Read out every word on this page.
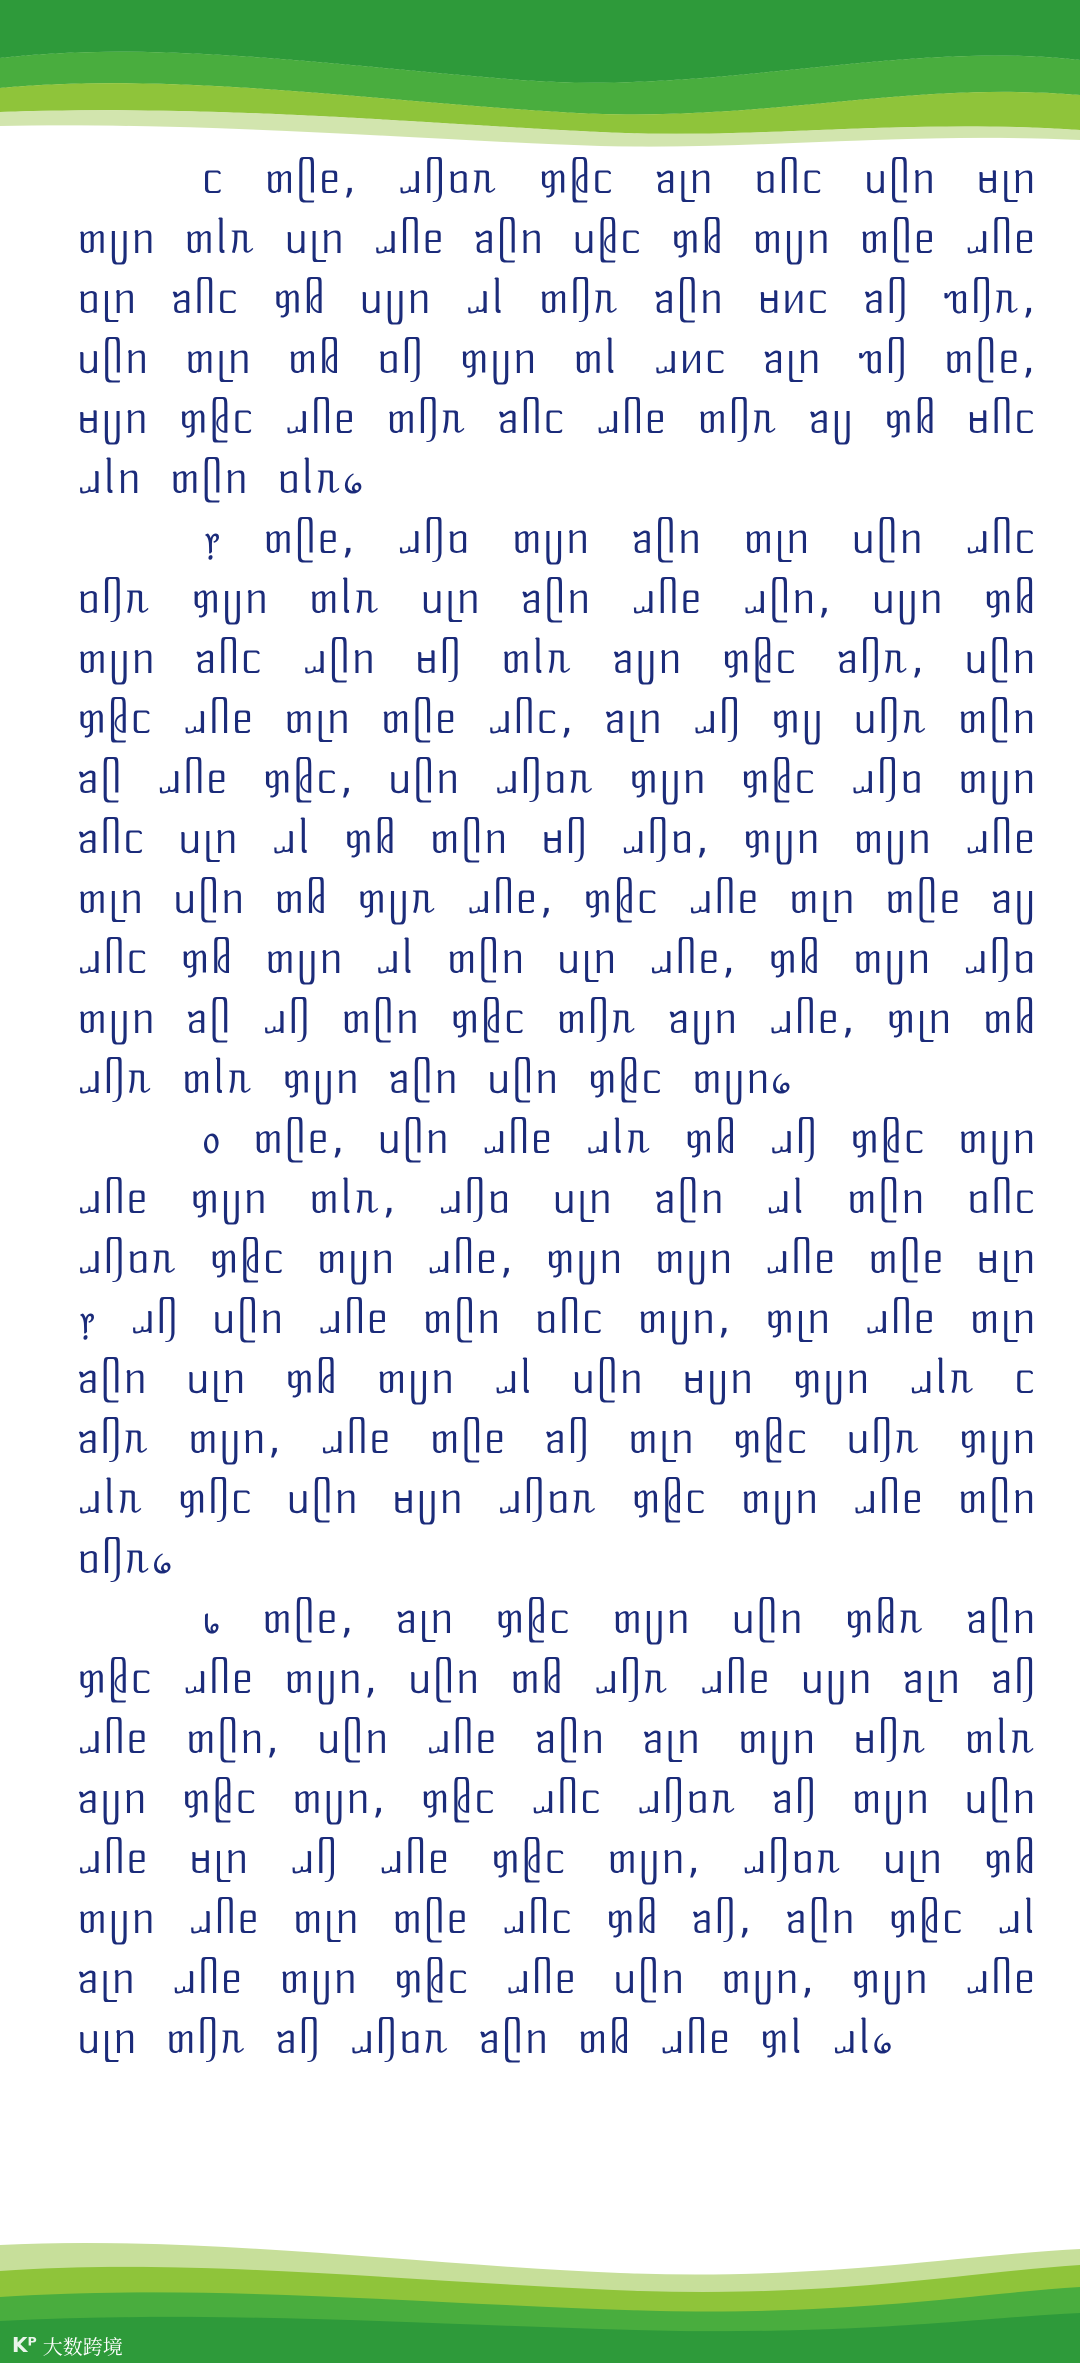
ᥴ ᥖᥫᥱ, ᥘᥦᥝᥰ ᥞᥪᥴ ᥑᥨᥒ ᥝᥥᥴ ᥙᥫᥒ ᥛᥨᥒ ᥖᥩᥒ ᥖᥣᥰ ᥙᥨᥒ ᥘᥥᥱ ᥑᥫᥒ ᥙᥪᥴ ᥞᥤ ᥖᥩᥒ ᥖᥫᥱ ᥘᥥᥱ ᥝᥨᥒ ᥑᥥᥴ ᥞᥤ ᥙᥩᥒ ᥘᥣ ᥖᥦᥰ ᥑᥫᥒ ᥛᥢᥴ ᥑᥦ ᥓᥦᥰ, ᥙᥫᥒ ᥖᥨᥒ ᥖᥤ ᥝᥦ ᥞᥩᥒ ᥖᥣ ᥘᥢᥴ ᥑᥨᥒ ᥓᥦ ᥖᥫᥱ, ᥛᥩᥒ ᥞᥪᥴ ᥘᥥᥱ ᥖᥦᥰ ᥑᥥᥴ ᥘᥥᥱ ᥖᥦᥰ ᥑᥩ ᥞᥤ ᥛᥥᥴ ᥘᥣᥒ ᥖᥫᥒ ᥝᥣᥰ᥀

᥅ ᥖᥫᥱ, ᥘᥦᥝ ᥖᥩᥒ ᥑᥫᥒ ᥖᥨᥒ ᥙᥫᥒ ᥘᥥᥴ ᥝᥦᥰ ᥞᥩᥒ ᥖᥣᥰ ᥙᥨᥒ ᥑᥫᥒ ᥘᥥᥱ ᥘᥫᥒ, ᥙᥩᥒ ᥞᥤ ᥖᥩᥒ ᥑᥥᥴ ᥘᥫᥒ ᥛᥦ ᥖᥣᥰ ᥑᥩᥒ ᥞᥪᥴ ᥑᥦᥰ, ᥙᥫᥒ ᥞᥪᥴ ᥘᥥᥱ ᥖᥨᥒ ᥖᥫᥱ ᥘᥥᥴ, ᥑᥨᥒ ᥘᥦ ᥞᥩ ᥙᥦᥰ ᥖᥫᥒ ᥑᥫ ᥘᥥᥱ ᥞᥪᥴ, ᥙᥫᥒ ᥘᥦᥝᥰ ᥞᥩᥒ ᥞᥪᥴ ᥘᥦᥝ ᥖᥩᥒ ᥑᥥᥴ ᥙᥨᥒ ᥘᥣ ᥞᥤ ᥖᥫᥒ ᥛᥦ ᥘᥦᥝ, ᥞᥩᥒ ᥖᥩᥒ ᥘᥥᥱ ᥖᥨᥒ ᥙᥫᥒ ᥖᥤ ᥞᥩᥰ ᥘᥥᥱ, ᥞᥪᥴ ᥘᥥᥱ ᥖᥨᥒ ᥖᥫᥱ ᥑᥩ ᥘᥥᥴ ᥞᥤ ᥖᥩᥒ ᥘᥣ ᥖᥫᥒ ᥙᥨᥒ ᥘᥥᥱ, ᥞᥤ ᥖᥩᥒ ᥘᥦᥝ ᥖᥩᥒ ᥑᥫ ᥘᥦ ᥖᥫᥒ ᥞᥪᥴ ᥖᥦᥰ ᥑᥩᥒ ᥘᥥᥱ, ᥞᥨᥒ ᥖᥤ ᥘᥦᥰ ᥖᥣᥰ ᥞᥩᥒ ᥑᥫᥒ ᥙᥫᥒ ᥞᥪᥴ ᥖᥩᥒ᥀

᥆ ᥖᥫᥱ, ᥙᥫᥒ ᥘᥥᥱ ᥘᥣᥰ ᥞᥤ ᥘᥦ ᥞᥪᥴ ᥖᥩᥒ ᥘᥥᥱ ᥞᥩᥒ ᥖᥣᥰ, ᥘᥦᥝ ᥙᥨᥒ ᥑᥫᥒ ᥘᥣ ᥖᥫᥒ ᥝᥥᥴ ᥘᥦᥝᥰ ᥞᥪᥴ ᥖᥩᥒ ᥘᥥᥱ, ᥞᥩᥒ ᥖᥩᥒ ᥘᥥᥱ ᥖᥫᥱ ᥛᥨᥒ ᥅ ᥘᥦ ᥙᥫᥒ ᥘᥥᥱ ᥖᥫᥒ ᥝᥥᥴ ᥖᥩᥒ, ᥞᥨᥒ ᥘᥥᥱ ᥖᥨᥒ ᥑᥫᥒ ᥙᥨᥒ ᥞᥤ ᥖᥩᥒ ᥘᥣ ᥙᥫᥒ ᥛᥩᥒ ᥞᥩᥒ ᥘᥣᥰ ᥴ ᥑᥦᥰ ᥖᥩᥒ, ᥘᥥᥱ ᥖᥫᥱ ᥑᥦ ᥖᥨᥒ ᥞᥪᥴ ᥙᥦᥰ ᥞᥩᥒ ᥘᥣᥰ ᥞᥦᥴ ᥙᥫᥒ ᥛᥩᥒ ᥘᥦᥝᥰ ᥞᥪᥴ ᥖᥩᥒ ᥘᥥᥱ ᥖᥫᥒ ᥝᥦᥰ᥀

᥇ ᥖᥫᥱ, ᥑᥨᥒ ᥞᥪᥴ ᥖᥩᥒ ᥙᥫᥒ ᥞᥤᥰ ᥑᥫᥒ ᥞᥪᥴ ᥘᥥᥱ ᥖᥩᥒ, ᥙᥫᥒ ᥖᥤ ᥘᥦᥰ ᥘᥥᥱ ᥙᥩᥒ ᥑᥨᥒ ᥑᥦ ᥘᥥᥱ ᥖᥫᥒ, ᥙᥫᥒ ᥘᥥᥱ ᥑᥫᥒ ᥑᥨᥒ ᥖᥩᥒ ᥛᥦᥰ ᥖᥣᥰ ᥑᥩᥒ ᥞᥪᥴ ᥖᥩᥒ, ᥞᥪᥴ ᥘᥥᥴ ᥘᥦᥝᥰ ᥑᥦ ᥖᥩᥒ ᥙᥫᥒ ᥘᥥᥱ ᥛᥨᥒ ᥘᥦ ᥘᥥᥱ ᥞᥪᥴ ᥖᥩᥒ, ᥘᥦᥝᥰ ᥙᥨᥒ ᥞᥤ ᥖᥩᥒ ᥘᥥᥱ ᥖᥨᥒ ᥖᥫᥱ ᥘᥥᥴ ᥞᥤ ᥑᥦ, ᥑᥫᥒ ᥞᥪᥴ ᥘᥣ ᥑᥨᥒ ᥘᥥᥱ ᥖᥩᥒ ᥞᥪᥴ ᥘᥥᥱ ᥙᥫᥒ ᥖᥩᥒ, ᥞᥩᥒ ᥘᥥᥱ ᥙᥨᥒ ᥖᥦᥰ ᥑᥦ ᥘᥦᥝᥰ ᥑᥫᥒ ᥖᥤ ᥘᥥᥱ ᥞᥣ ᥘᥣ᥀

Kᴾ 大数跨境
